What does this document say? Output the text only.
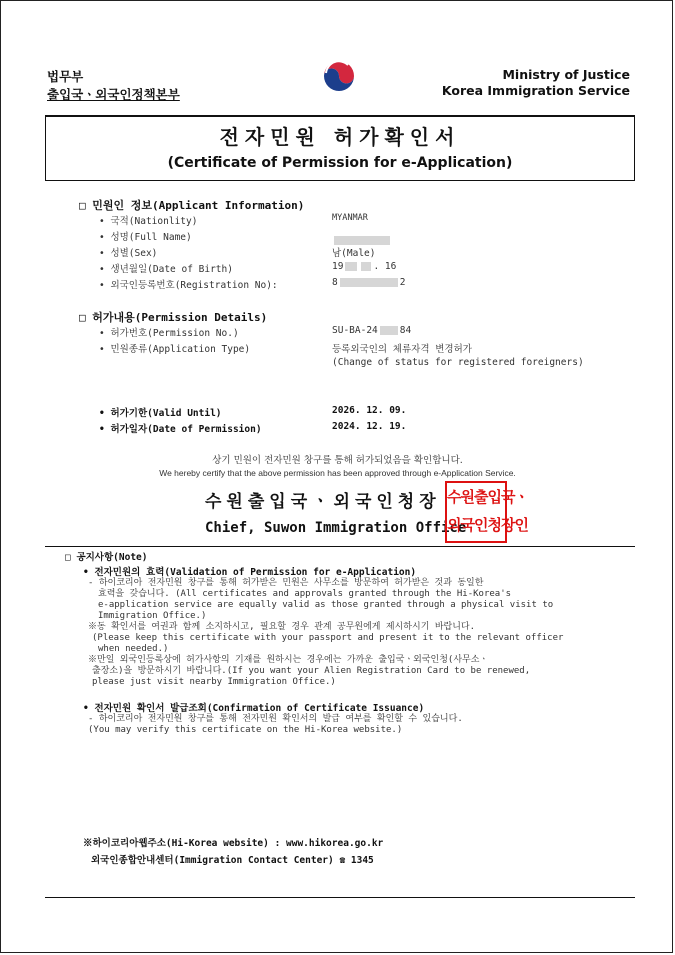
법무부
출입국ㆍ외국인정책본부
Ministry of Justice
Korea Immigration Service
전자민원 허가확인서
(Certificate of Permission for e-Application)
□ 민원인 정보(Applicant Information)
• 국적(Nationlity)	MYANMAR
• 성명(Full Name)
• 성별(Sex)	남(Male)
• 생년월일(Date of Birth)	19	. 16
• 외국인등록번호(Registration No):	8	2
□ 허가내용(Permission Details)
• 허가번호(Permission No.)	SU-BA-24 84
• 민원종류(Application Type)	등록외국인의 체류자격 변경허가
(Change of status for registered foreigners)
• 허가기한(Valid Until)	2026. 12. 09.
• 허가일자(Date of Permission)	2024. 12. 19.
상기 민원이 전자민원 창구를 통해 허가되었음을 확인합니다.
We hereby certify that the above permission has been approved through e-Application Service.
수원출입국ㆍ외국인청장
Chief, Suwon Immigration Office
수원출입국ㆍ
외국인청장인
□ 공지사항(Note)
• 전자민원의 효력(Validation of Permission for e-Application)
- 하이코리아 전자민원 창구를 통해 허가받은 민원은 사무소를 방문하여 허가받은 것과 동일한
효력을 갖습니다. (All certificates and approvals granted through the Hi-Korea's
e-application service are equally valid as those granted through a physical visit to
Immigration Office.)
※동 확인서를 여권과 함께 소지하시고, 필요할 경우 관계 공무원에게 제시하시기 바랍니다.
(Please keep this certificate with your passport and present it to the relevant officer
when needed.)
※만일 외국인등록상에 허가사항의 기재를 원하시는 경우에는 가까운 출입국ㆍ외국인청(사무소ㆍ
출장소)을 방문하시기 바랍니다.(If you want your Alien Registration Card to be renewed,
please just visit nearby Immigration Office.)
• 전자민원 확인서 발급조회(Confirmation of Certificate Issuance)
- 하이코리아 전자민원 창구를 통해 전자민원 확인서의 발급 여부를 확인할 수 있습니다.
(You may verify this certificate on the Hi-Korea website.)
※하이코리아웹주소(Hi-Korea website) : www.hikorea.go.kr
외국인종합안내센터(Immigration Contact Center) ☎ 1345
